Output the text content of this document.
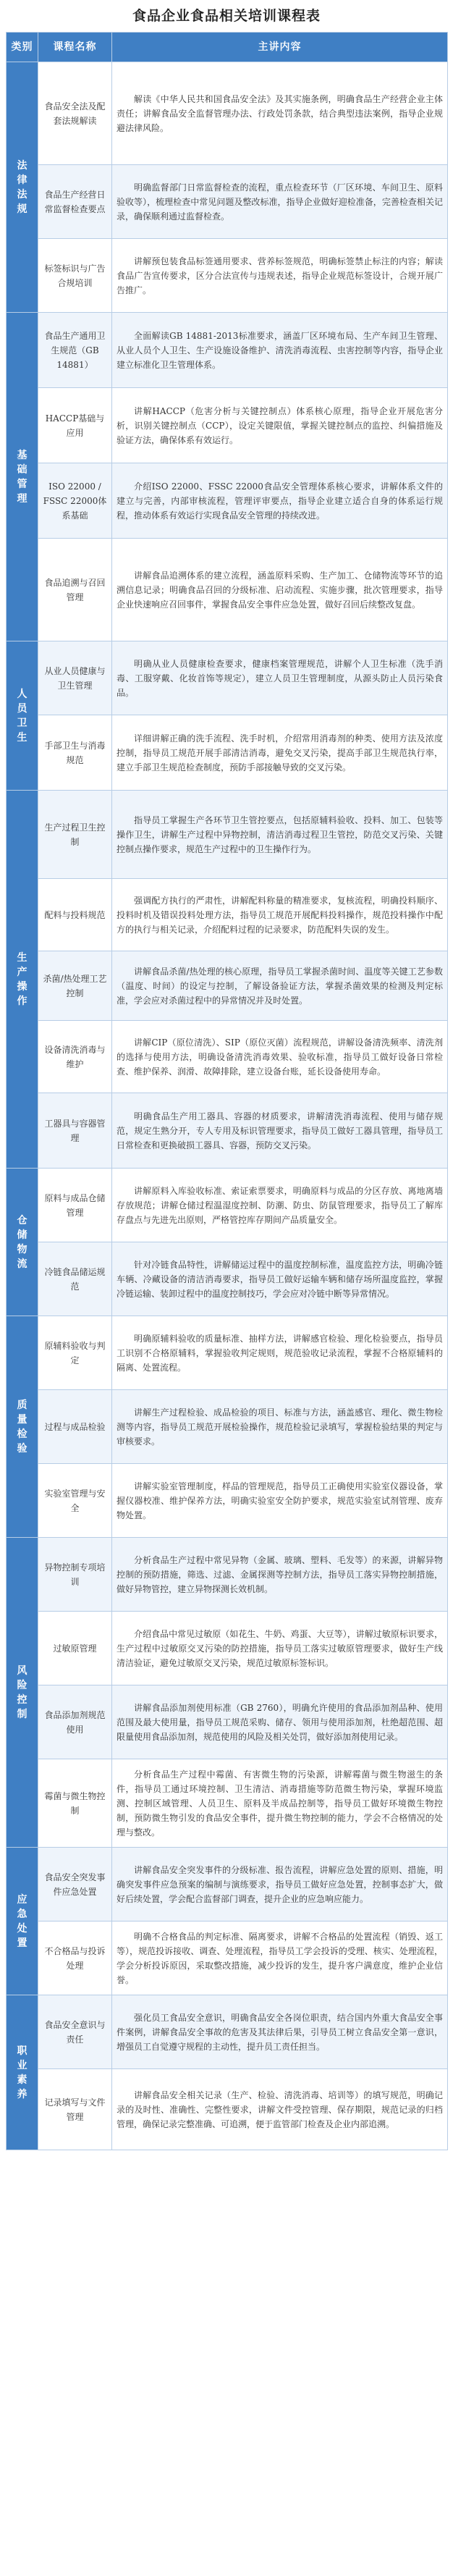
食品企业食品相关培训课程表
类别	课程名称	主讲内容
法律法规	食品安全法及配套法规解读	解读《中华人民共和国食品安全法》及其实施条例，明确食品生产经营企业主体责任；讲解食品安全监督管理办法、行政处罚条款，结合典型违法案例，指导企业规避法律风险。
	食品生产经营日常监督检查要点	明确监督部门日常监督检查的流程，重点检查环节（厂区环境、车间卫生、原料验收等），梳理检查中常见问题及整改标准，指导企业做好迎检准备，完善检查相关记录，确保顺利通过监督检查。
	标签标识与广告合规培训	讲解预包装食品标签通用要求、营养标签规范，明确标签禁止标注的内容；解读食品广告宣传要求，区分合法宣传与违规表述，指导企业规范标签设计，合规开展广告推广。
基础管理	食品生产通用卫生规范（GB 14881）	全面解读GB 14881-2013标准要求，涵盖厂区环境布局、生产车间卫生管理、从业人员个人卫生、生产设施设备维护、清洗消毒流程、虫害控制等内容，指导企业建立标准化卫生管理体系。
	HACCP基础与应用	讲解HACCP（危害分析与关键控制点）体系核心原理，指导企业开展危害分析，识别关键控制点（CCP），设定关键限值，掌握关键控制点的监控、纠偏措施及验证方法，确保体系有效运行。
	ISO 22000 / FSSC 22000体系基础	介绍ISO 22000、FSSC 22000食品安全管理体系核心要求，讲解体系文件的建立与完善，内部审核流程，管理评审要点，指导企业建立适合自身的体系运行规程，推动体系有效运行实现食品安全管理的持续改进。
	食品追溯与召回管理	讲解食品追溯体系的建立流程，涵盖原料采购、生产加工、仓储物流等环节的追溯信息记录；明确食品召回的分级标准、启动流程、实施步骤，批次管理要求，指导企业快速响应召回事件，掌握食品安全事件应急处置，做好召回后续整改复盘。
人员卫生	从业人员健康与卫生管理	明确从业人员健康检查要求，健康档案管理规范，讲解个人卫生标准（洗手消毒、工服穿戴、化妆首饰等规定），建立人员卫生管理制度，从源头防止人员污染食品。
	手部卫生与消毒规范	详细讲解正确的洗手流程、洗手时机，介绍常用消毒剂的种类、使用方法及浓度控制，指导员工规范开展手部清洁消毒，避免交叉污染，提高手部卫生规范执行率，建立手部卫生规范检查制度，预防手部接触导致的交叉污染。
生产操作	生产过程卫生控制	指导员工掌握生产各环节卫生管控要点，包括原辅料验收、投料、加工、包装等操作卫生，讲解生产过程中异物控制，清洁消毒过程卫生管控，防范交叉污染、关键控制点操作要求，规范生产过程中的卫生操作行为。
	配料与投料规范	强调配方执行的严肃性，讲解配料称量的精准要求，复核流程，明确投料顺序、投料时机及错误投料处理方法，指导员工规范开展配料投料操作，规范投料操作中配方的执行与相关记录，介绍配料过程的记录要求，防范配料失误的发生。
	杀菌/热处理工艺控制	讲解食品杀菌/热处理的核心原理，指导员工掌握杀菌时间、温度等关键工艺参数（温度、时间）的设定与控制，了解设备验证方法，掌握杀菌效果的检测及判定标准，学会应对杀菌过程中的异常情况并及时处置。
	设备清洗消毒与维护	讲解CIP（原位清洗）、SIP（原位灭菌）流程规范，讲解设备清洗频率、清洗剂的选择与使用方法，明确设备清洗消毒效果、验收标准，指导员工做好设备日常检查、维护保养、润滑、故障排除，建立设备台账，延长设备使用寿命。
	工器具与容器管理	明确食品生产用工器具、容器的材质要求，讲解清洗消毒流程、使用与储存规范，规定生熟分开，专人专用及标识管理要求，指导员工做好工器具管理，指导员工日常检查和更换破损工器具、容器，预防交叉污染。
仓储物流	原料与成品仓储管理	讲解原料入库验收标准、索证索票要求，明确原料与成品的分区存放、离地离墙存放规范；讲解仓储过程温湿度控制、防潮、防虫、防鼠管理要求，指导员工了解库存盘点与先进先出原则，严格管控库存期间产品质量安全。
	冷链食品储运规范	针对冷链食品特性，讲解储运过程中的温度控制标准，温度监控方法，明确冷链车辆、冷藏设备的清洁消毒要求，指导员工做好运输车辆和储存场所温度监控，掌握冷链运输、装卸过程中的温度控制技巧，学会应对冷链中断等异常情况。
质量检验	原辅料验收与判定	明确原辅料验收的质量标准、抽样方法，讲解感官检验、理化检验要点，指导员工识别不合格原辅料，掌握验收判定规则，规范验收记录流程，掌握不合格原辅料的隔离、处置流程。
	过程与成品检验	讲解生产过程检验、成品检验的项目、标准与方法，涵盖感官、理化、微生物检测等内容，指导员工规范开展检验操作，规范检验记录填写，掌握检验结果的判定与审核要求。
	实验室管理与安全	讲解实验室管理制度，样品的管理规范，指导员工正确使用实验室仪器设备，掌握仪器校准、维护保养方法，明确实验室安全防护要求，规范实验室试剂管理、废弃物处置。
风险控制	异物控制专项培训	分析食品生产过程中常见异物（金属、玻璃、塑料、毛发等）的来源，讲解异物控制的预防措施，筛选、过滤、金属探测等控制方法，指导员工落实异物控制措施，做好异物管控，建立异物探测长效机制。
	过敏原管理	介绍食品中常见过敏原（如花生、牛奶、鸡蛋、大豆等），讲解过敏原标识要求，生产过程中过敏原交叉污染的防控措施，指导员工落实过敏原管理要求，做好生产线清洁验证，避免过敏原交叉污染，规范过敏原标签标识。
	食品添加剂规范使用	讲解食品添加剂使用标准（GB 2760），明确允许使用的食品添加剂品种、使用范围及最大使用量，指导员工规范采购、储存、领用与使用添加剂，杜绝超范围、超限量使用食品添加剂，规范使用的风险及相关处罚，做好添加剂使用记录。
	霉菌与微生物控制	分析食品生产过程中霉菌、有害微生物的污染源，讲解霉菌与微生物滋生的条件，指导员工通过环境控制、卫生清洁、消毒措施等防范微生物污染，掌握环境监测、控制区域管理、人员卫生、原料及半成品控制等，指导员工做好环境微生物控制，预防微生物引发的食品安全事件，提升微生物控制的能力，学会不合格情况的处理与整改。
应急处置	食品安全突发事件应急处置	讲解食品安全突发事件的分级标准、报告流程，讲解应急处置的原则、措施，明确突发事件应急预案的编制与演练要求，指导员工做好应急处置，控制事态扩大，做好后续处置，学会配合监督部门调查，提升企业的应急响应能力。
	不合格品与投诉处理	明确不合格食品的判定标准、隔离要求，讲解不合格品的处置流程（销毁、返工等），规范投诉接收、调查、处理流程，指导员工学会投诉的受理、核实、处理流程，学会分析投诉原因，采取整改措施，减少投诉的发生，提升客户满意度，维护企业信誉。
职业素养	食品安全意识与责任	强化员工食品安全意识，明确食品安全各岗位职责，结合国内外重大食品安全事件案例，讲解食品安全事故的危害及其法律后果，引导员工树立食品安全第一意识，增强员工自觉遵守规程的主动性，提升员工责任担当。
	记录填写与文件管理	讲解食品安全相关记录（生产、检验、清洗消毒、培训等）的填写规范，明确记录的及时性、准确性、完整性要求，讲解文件受控管理、保存期限，规范记录的归档管理，确保记录完整准确、可追溯，便于监管部门检查及企业内部追溯。
